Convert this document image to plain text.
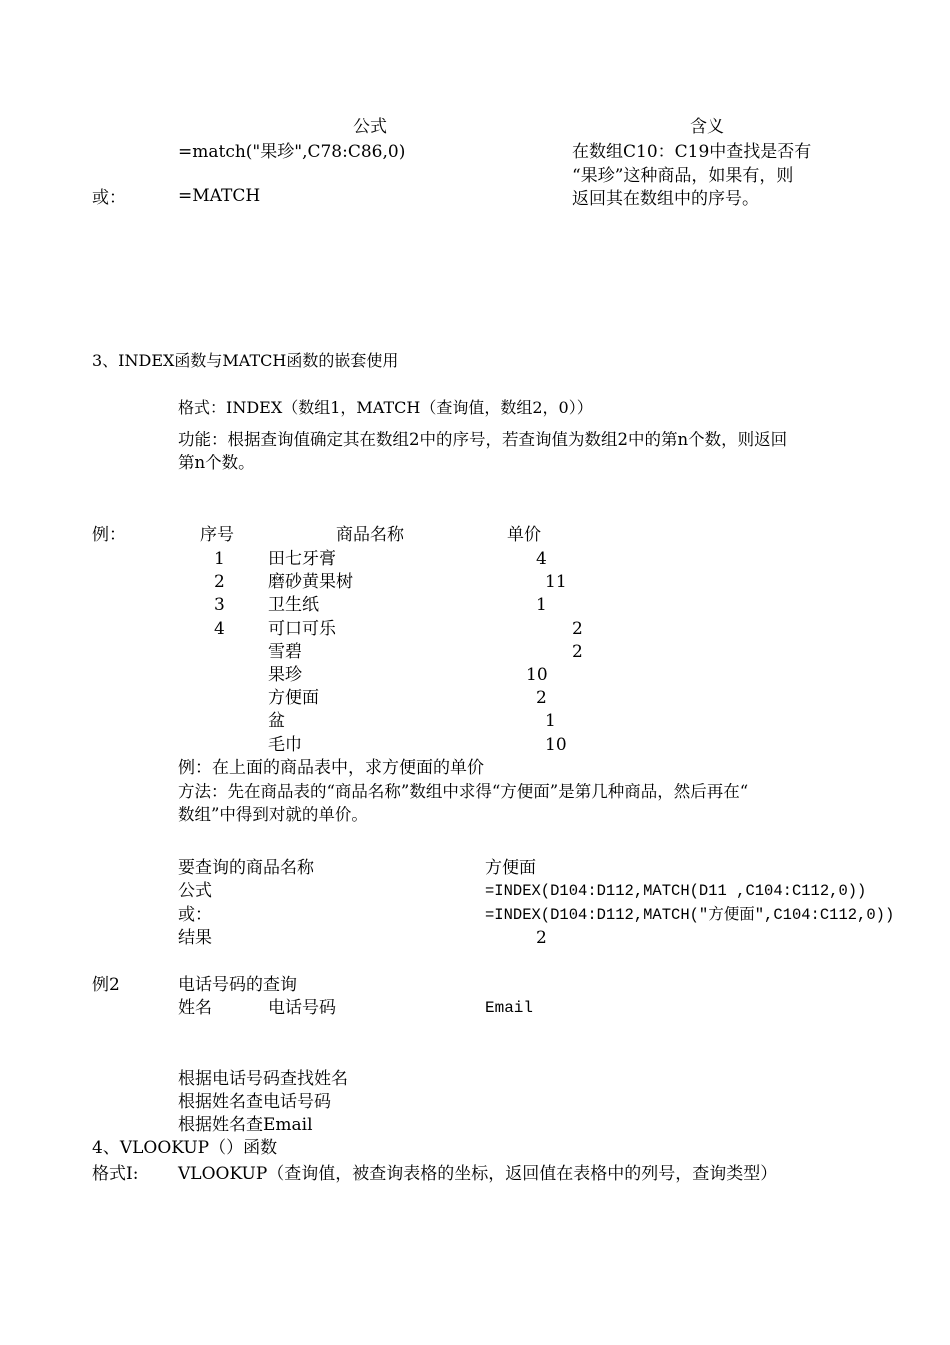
公式	含义
=match("果珍",C78:C86,0)
或：	=MATCH
在数组C10：C19中查找是否有
“果珍”这种商品，如果有，则
返回其在数组中的序号。
3、INDEX函数与MATCH函数的嵌套使用
格式：INDEX（数组1，MATCH（查询值，数组2，0））
功能：根据查询值确定其在数组2中的序号，若查询值为数组2中的第n个数，则返回
第n个数。
例：	序号	商品名称	单价
1	田七牙膏	4
2	磨砂黄果树	11
3	卫生纸	1
4	可口可乐	2
雪碧	2
果珍	10
方便面	2
盆	1
毛巾	10
例：在上面的商品表中，求方便面的单价
方法：先在商品表的“商品名称”数组中求得“方便面”是第几种商品，然后再在“
数组”中得到对就的单价。
要查询的商品名称	方便面
公式	=INDEX(D104:D112,MATCH(D11 ,C104:C112,0))
或：	=INDEX(D104:D112,MATCH("方便面",C104:C112,0))
结果	2
例2	电话号码的查询
姓名	电话号码	Email
根据电话号码查找姓名
根据姓名查电话号码
根据姓名查Email
4、VLOOKUP（）函数
格式I: VLOOKUP（查询值，被查询表格的坐标，返回值在表格中的列号，查询类型）
